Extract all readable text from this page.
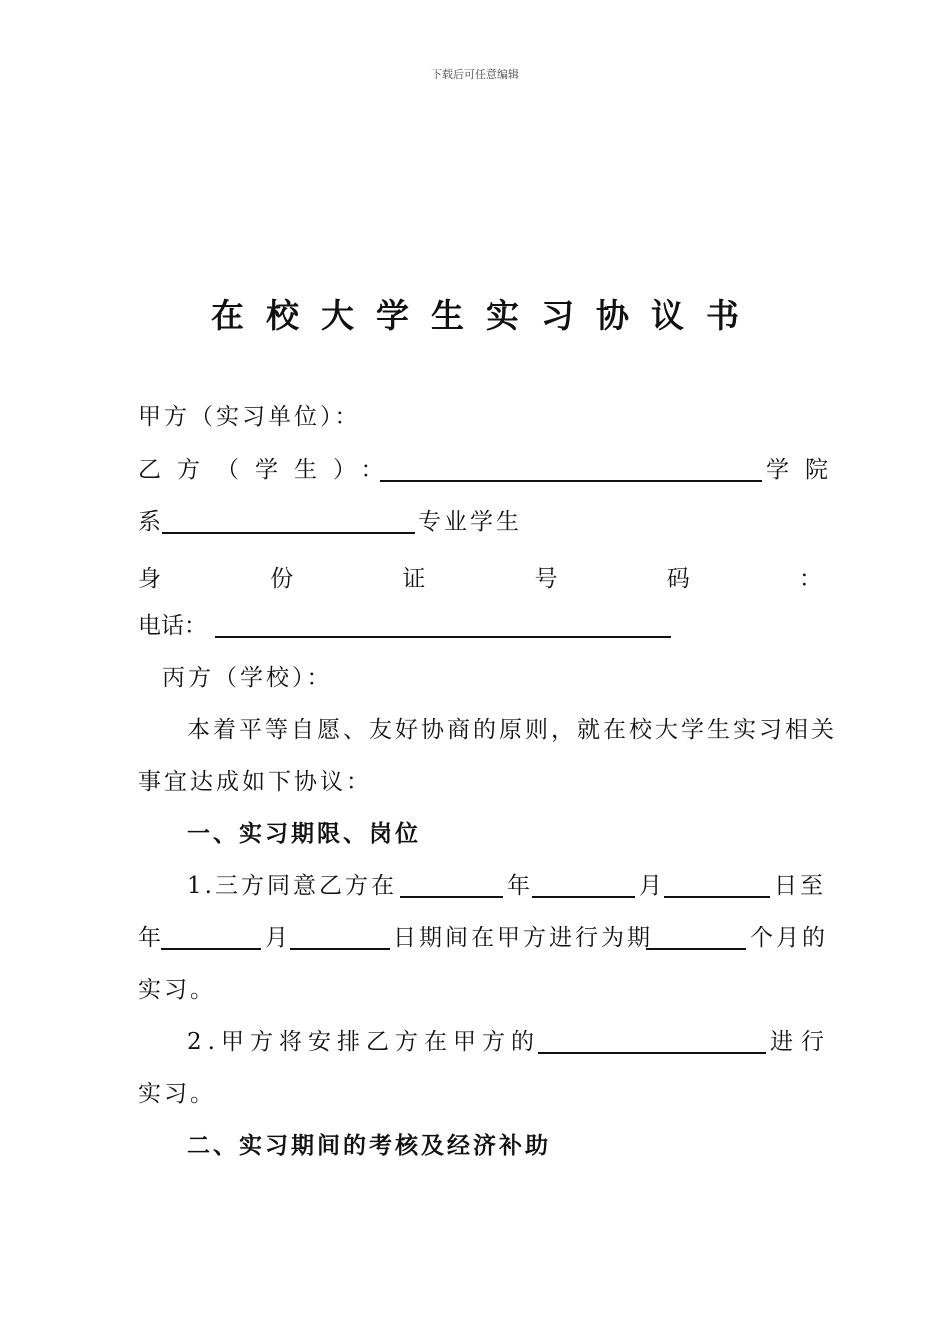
下载后可任意编辑
在校大学生实习协议书
甲方（实习单位）：
乙方（学生）：	学院
系	专业学生
身	份	证	号	码	：
电话：
丙方（学校）：
本着平等自愿、友好协商的原则，就在校大学生实习相关
事宜达成如下协议：
一、实习期限、岗位
1.三方同意乙方在	年	月	日至
年	月	日期间在甲方进行为期	个月的
实习。
2.甲方将安排乙方在甲方的	进行
实习。
二、实习期间的考核及经济补助
